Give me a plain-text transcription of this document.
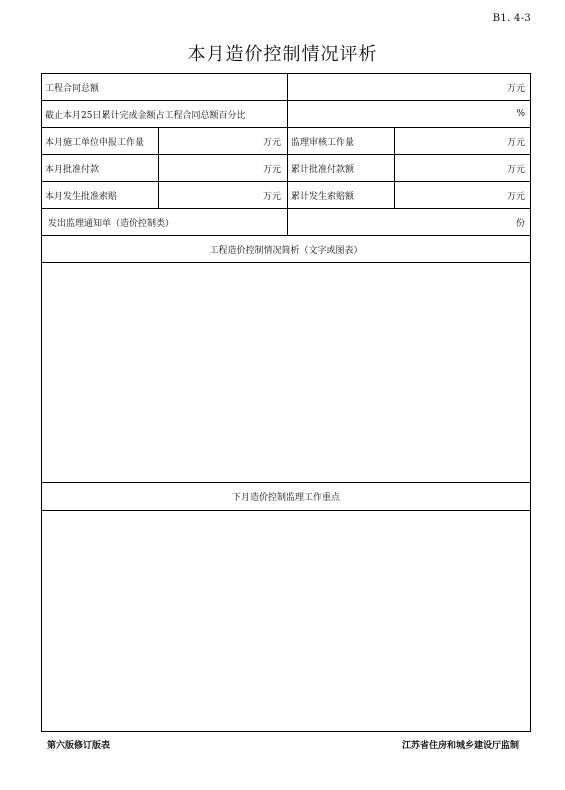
B1. 4-3
本月造价控制情况评析
工程合同总额	万元
截止本月25日累计完成金额占工程合同总额百分比	%
本月施工单位申报工作量	万元	监理审核工作量	万元
本月批准付款	万元	累计批准付款额	万元
本月发生批准索赔	万元	累计发生索赔额	万元
发出监理通知单（造价控制类）	份
工程造价控制情况简析（文字或图表）
下月造价控制监理工作重点
第六版修订版表	江苏省住房和城乡建设厅监制
